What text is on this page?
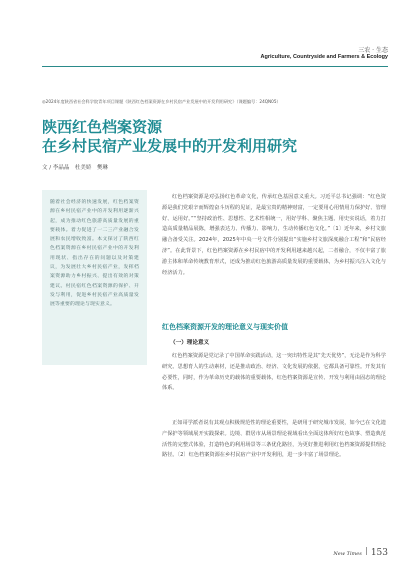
三农 · 生态
Agriculture, Countryside and Farmers & Ecology
◎2024年度陕西省社会科学院青年项目课题《陕西红色档案资源在乡村民宿产业发展中的开发利用研究》（课题编号：24QN05）
陕西红色档案资源
在乡村民宿产业发展中的开发利用研究
文 / 李晶晶　杜美娇　樊琳

随着社会经济的快速发展，红色档案资源在乡村民宿产业中的开发利用逐渐兴起，成为推动红色旅游高质量发展的重要载体。着力促进了一二三产业融合发展和农民增收致富。本文探讨了陕西红色档案资源在乡村民宿产业中的开发利用现状、指出存在的问题以及对策建议，为发展壮大乡村民宿产业，发挥档案资源助力乡村振兴、提出有效的对策建议。村民宿红色档案资源的保护、开发与利用，促进乡村民宿产业高质量发展等重要的理论与现实意义。

红色档案资源是对弘扬红色革命文化，传承红色基因意义重大。习近平总书记强调：“红色资源是我们党艰辛而辉煌奋斗历程的见证，是最宝贵的精神财富，一定要用心用情用力保护好、管理好、运用好。”“坚持政治性、思想性、艺术性相统一，用好学科、聚焦主题、用史实说话，着力打造高质量精品展陈，增强表达力、传播力、影响力，生动传播红色文化。”〔1〕近年来，乡村文旅融合备受关注。2024年，2025年中央一号文件分别提出“实施乡村文旅深度融合工程”和“民宿经济”。在此背景下，红色档案资源在乡村民宿中的开发利用越来越兴起，二者融合，不仅丰富了旅游主体和革命传统教育形式，还成为推动红色旅游高质量发展的重要载体，为乡村振兴注入文化与经济活力。

红色档案资源开发的理论意义与现实价值
（一）理论意义

红色档案资源是党记录了中国革命实践活动，这一突出特性是其“先天优势”，无论是作为科学研究、思想育人的生动素材，还是推动政治、经济、文化发展的依据，它都具备可靠性。开发其有必要性，同时，作为革命历史的载体的重要载体，红色档案资源是宣传、开发与利用由固态的理论体系。

正如哥学派者说有其观点积极规范性的理论重要性，是研用于研究城市发展，如今已在文化遗产保护等领域展开实践探索。边境、群居市从场景理论视域看出全面这体所好红色故事、塑造典范活性的完整式体验，打造特色的利用场景等三条优化路径，为更好推进利用红色档案资源提供理论路径。〔2〕红色档案资源在乡村民宿产业中开发利用，进一步丰富了场景理论。

New Times 153
